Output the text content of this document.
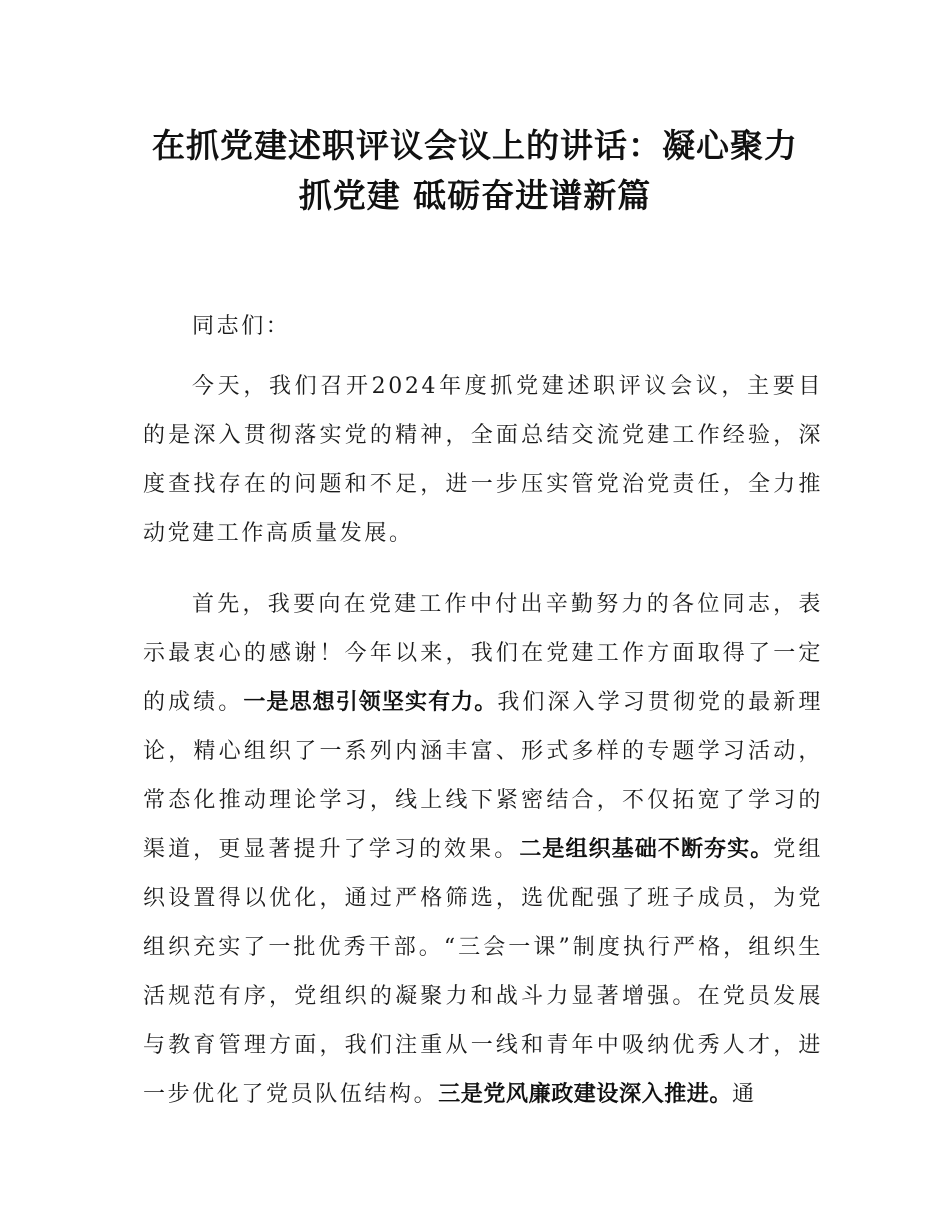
在抓党建述职评议会议上的讲话：凝心聚力
抓党建 砥砺奋进谱新篇

同志们：

今天，我们召开2024年度抓党建述职评议会议，主要目的是深入贯彻落实党的精神，全面总结交流党建工作经验，深度查找存在的问题和不足，进一步压实管党治党责任，全力推动党建工作高质量发展。

首先，我要向在党建工作中付出辛勤努力的各位同志，表示最衷心的感谢！今年以来，我们在党建工作方面取得了一定的成绩。一是思想引领坚实有力。我们深入学习贯彻党的最新理论，精心组织了一系列内涵丰富、形式多样的专题学习活动，常态化推动理论学习，线上线下紧密结合，不仅拓宽了学习的渠道，更显著提升了学习的效果。二是组织基础不断夯实。党组织设置得以优化，通过严格筛选，选优配强了班子成员，为党组织充实了一批优秀干部。“三会一课”制度执行严格，组织生活规范有序，党组织的凝聚力和战斗力显著增强。在党员发展与教育管理方面，我们注重从一线和青年中吸纳优秀人才，进一步优化了党员队伍结构。三是党风廉政建设深入推进。通
